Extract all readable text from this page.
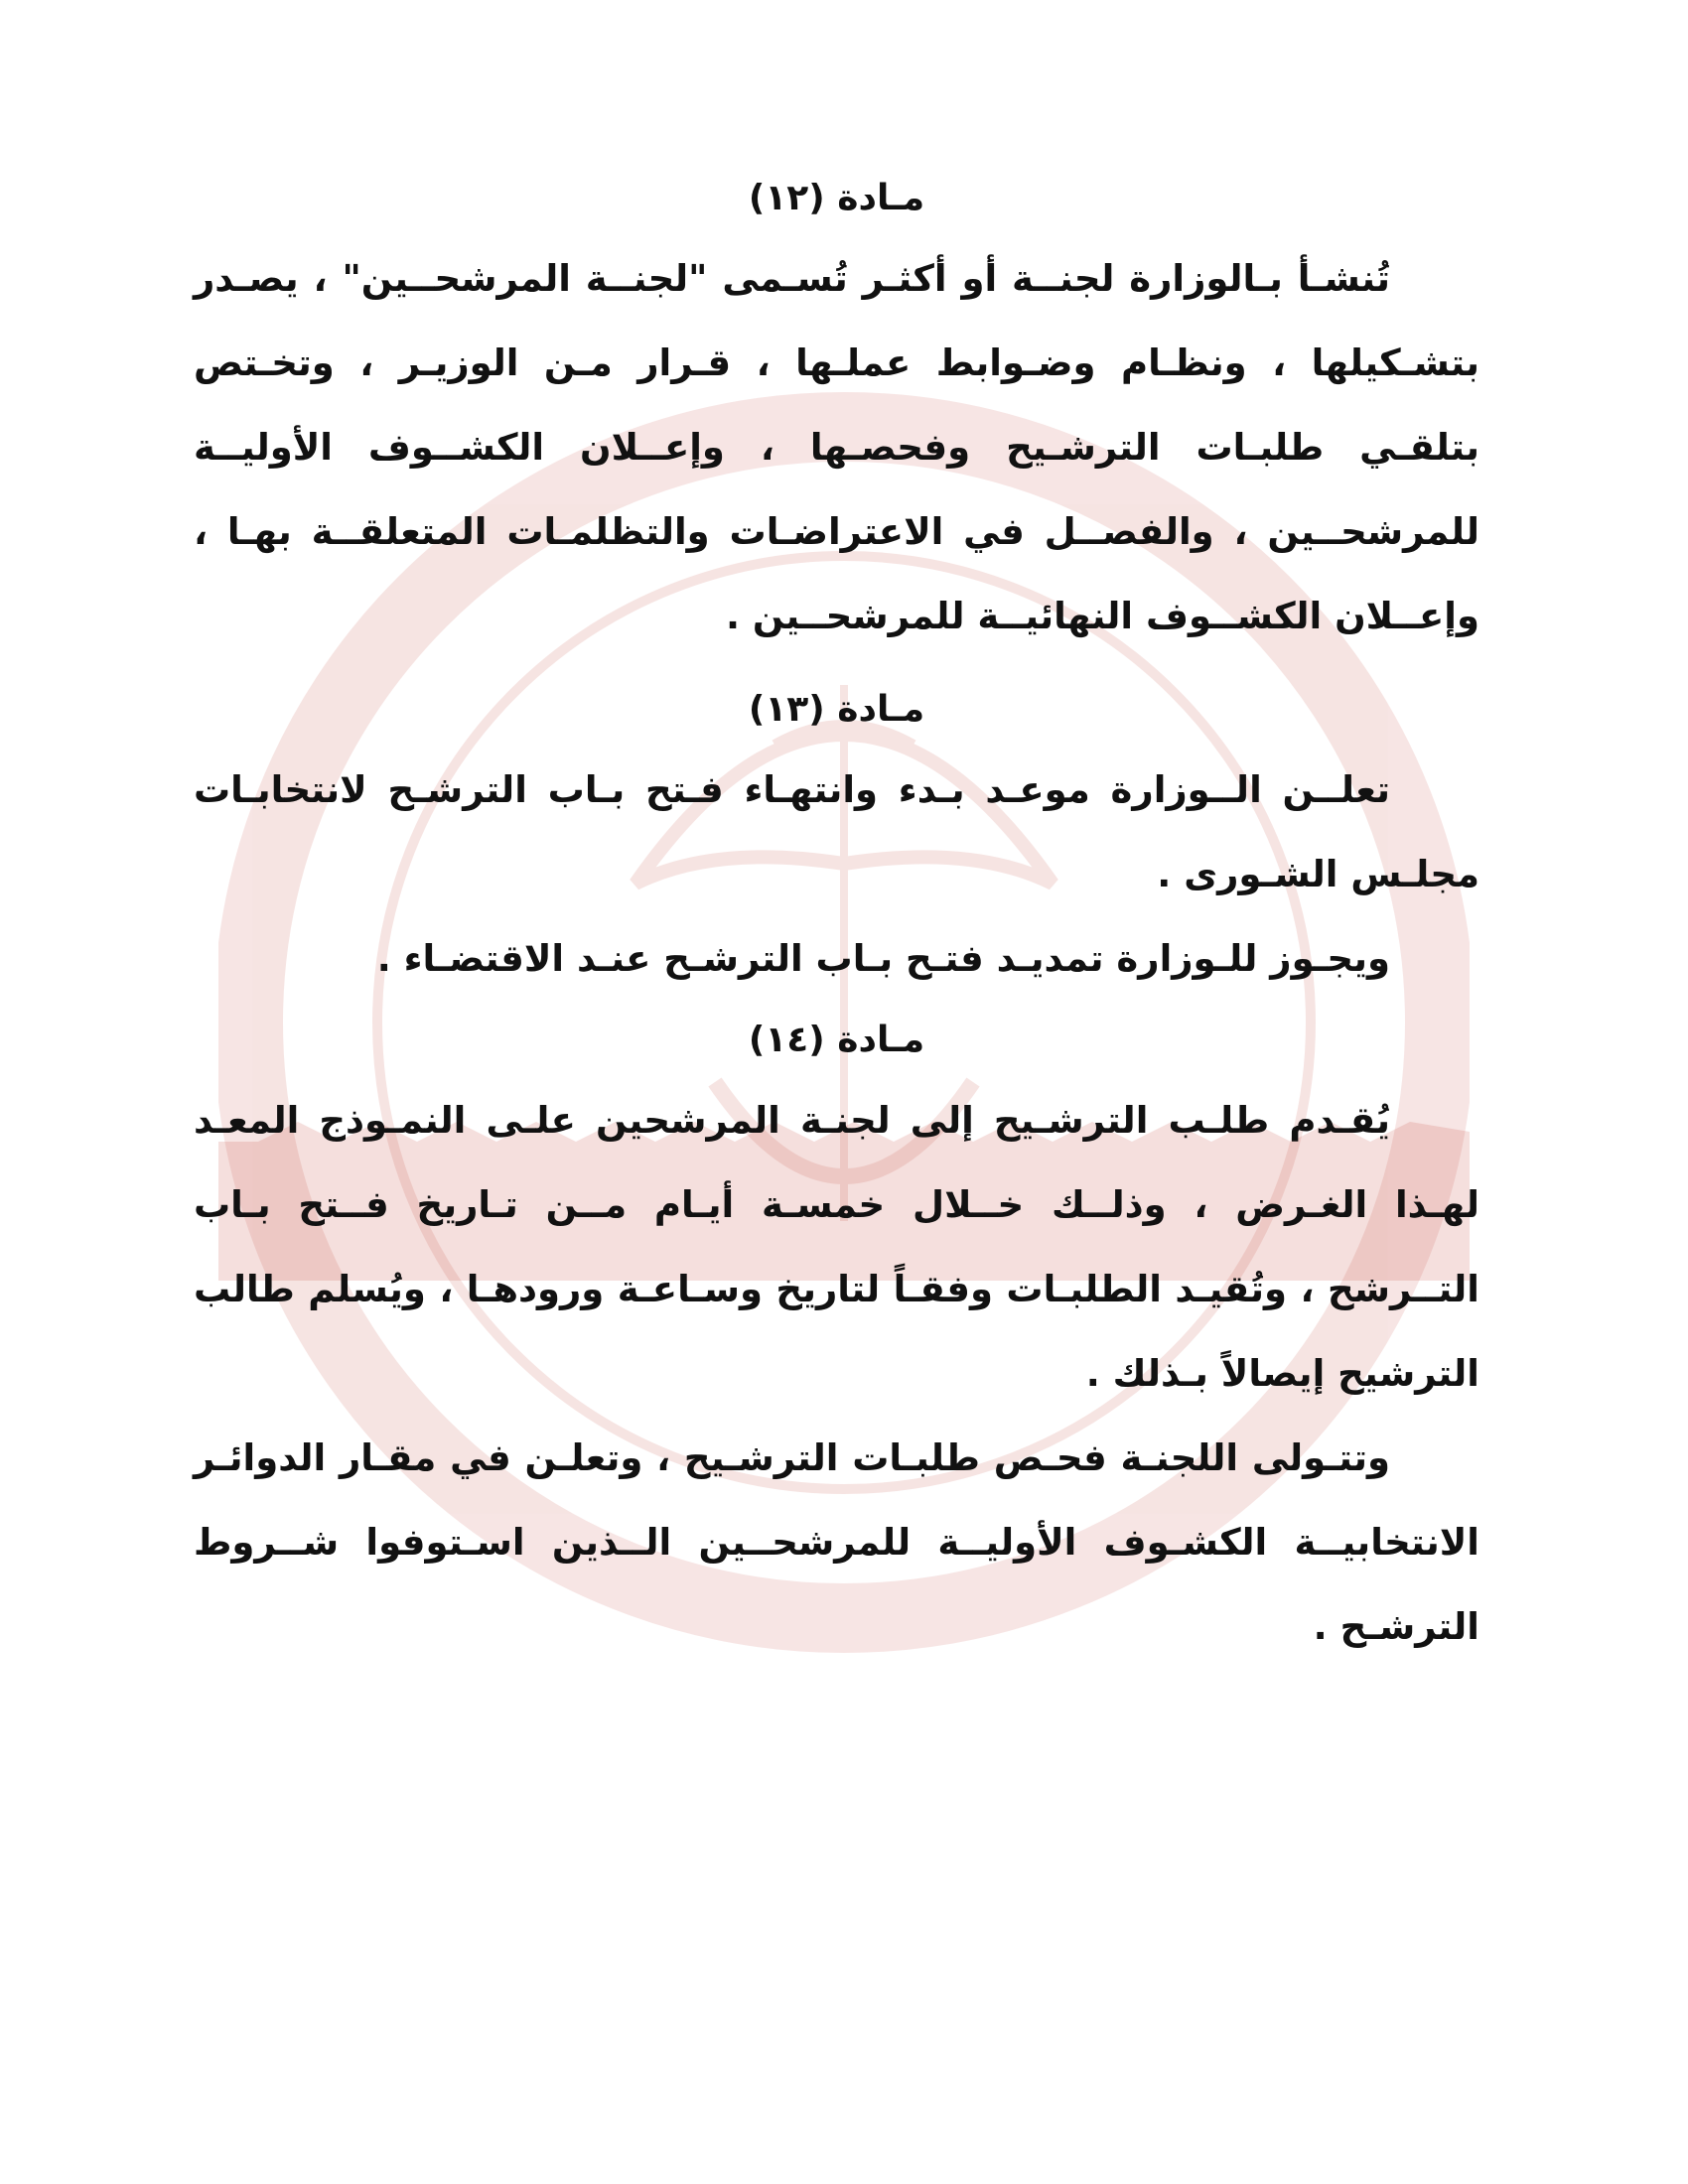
مـادة (١٢)

تُنشـأ بـالوزارة لجنــة أو أكثـر تُسـمى "لجنــة المرشحــين" ، يصـدر بتشـكيلها ، ونظـام وضـوابط عملـها ، قـرار مـن الوزيـر ، وتخـتص بتلقـي طلبـات الترشـيح وفحصـها ، وإعــلان الكشــوف الأوليــة للمرشحــين ، والفصــل في الاعتراضـات والتظلمـات المتعلقــة بهـا ، وإعــلان الكشــوف النهائيــة للمرشحــين .

مـادة (١٣)

تعلــن الــوزارة موعـد بـدء وانتهـاء فـتح بـاب الترشـح لانتخابـات مجلـس الشـورى .

ويجـوز للـوزارة تمديـد فتـح بـاب الترشـح عنـد الاقتضـاء .

مـادة (١٤)

يُقـدم طلـب الترشـيح إلى لجنـة المرشحين علـى النمـوذج المعـد لهـذا الغـرض ، وذلــك خــلال خمسـة أيـام مــن تـاريخ فــتح بـاب التــرشح ، وتُقيـد الطلبـات وفقـاً لتاريخ وسـاعـة ورودهـا ، ويُسلم طالب الترشيح إيصالاً بـذلك .

وتتـولى اللجنـة فحـص طلبـات الترشـيح ، وتعلـن في مقـار الدوائـر الانتخابيــة الكشـوف الأوليــة للمرشحــين الــذين اسـتوفوا شــروط الترشـح .
